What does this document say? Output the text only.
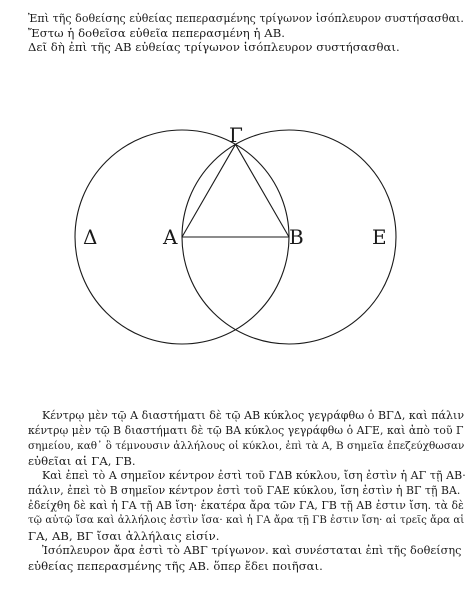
Ἐπὶ τῆς δοθείσης εὐθείας πεπερασμένης τρίγωνον ἰσόπλευρον συστήσασθαι.
Ἔστω ἡ δοθεῖσα εὐθεῖα πεπερασμένη ἡ ΑΒ.
Δεῖ δὴ ἐπὶ τῆς ΑΒ εὐθείας τρίγωνον ἰσόπλευρον συστήσασθαι.
Γ
Δ	Α	Β	Ε
Κέντρῳ μὲν τῷ Α διαστήματι δὲ τῷ ΑΒ κύκλος γεγράφθω ὁ ΒΓΔ, καὶ πάλιν
κέντρῳ μὲν τῷ Β διαστήματι δὲ τῷ ΒΑ κύκλος γεγράφθω ὁ ΑΓΕ, καὶ ἀπὸ τοῦ Γ
σημείου, καθ᾽ ὃ τέμνουσιν ἀλλήλους οἱ κύκλοι, ἐπὶ τὰ Α, Β σημεῖα ἐπεζεύχθωσαν
εὐθεῖαι αἱ ΓΑ, ΓΒ.
Καὶ ἐπεὶ τὸ Α σημεῖον κέντρον ἐστὶ τοῦ ΓΔΒ κύκλου, ἴση ἐστὶν ἡ ΑΓ τῇ ΑΒ·
πάλιν, ἐπεὶ τὸ Β σημεῖον κέντρον ἐστὶ τοῦ ΓΑΕ κύκλου, ἴση ἐστὶν ἡ ΒΓ τῇ ΒΑ.
ἐδείχθη δὲ καὶ ἡ ΓΑ τῇ ΑΒ ἴση· ἑκατέρα ἄρα τῶν ΓΑ, ΓΒ τῇ ΑΒ ἐστιν ἴση. τὰ δὲ
τῷ αὐτῷ ἴσα καὶ ἀλλήλοις ἐστὶν ἴσα· καὶ ἡ ΓΑ ἄρα τῇ ΓΒ ἐστιν ἴση· αἱ τρεῖς ἄρα αἱ
ΓΑ, ΑΒ, ΒΓ ἴσαι ἀλλήλαις εἰσίν.
Ἰσόπλευρον ἄρα ἐστὶ τὸ ΑΒΓ τρίγωνον. καὶ συνέσταται ἐπὶ τῆς δοθείσης
εὐθείας πεπερασμένης τῆς ΑΒ. ὅπερ ἔδει ποιῆσαι.
